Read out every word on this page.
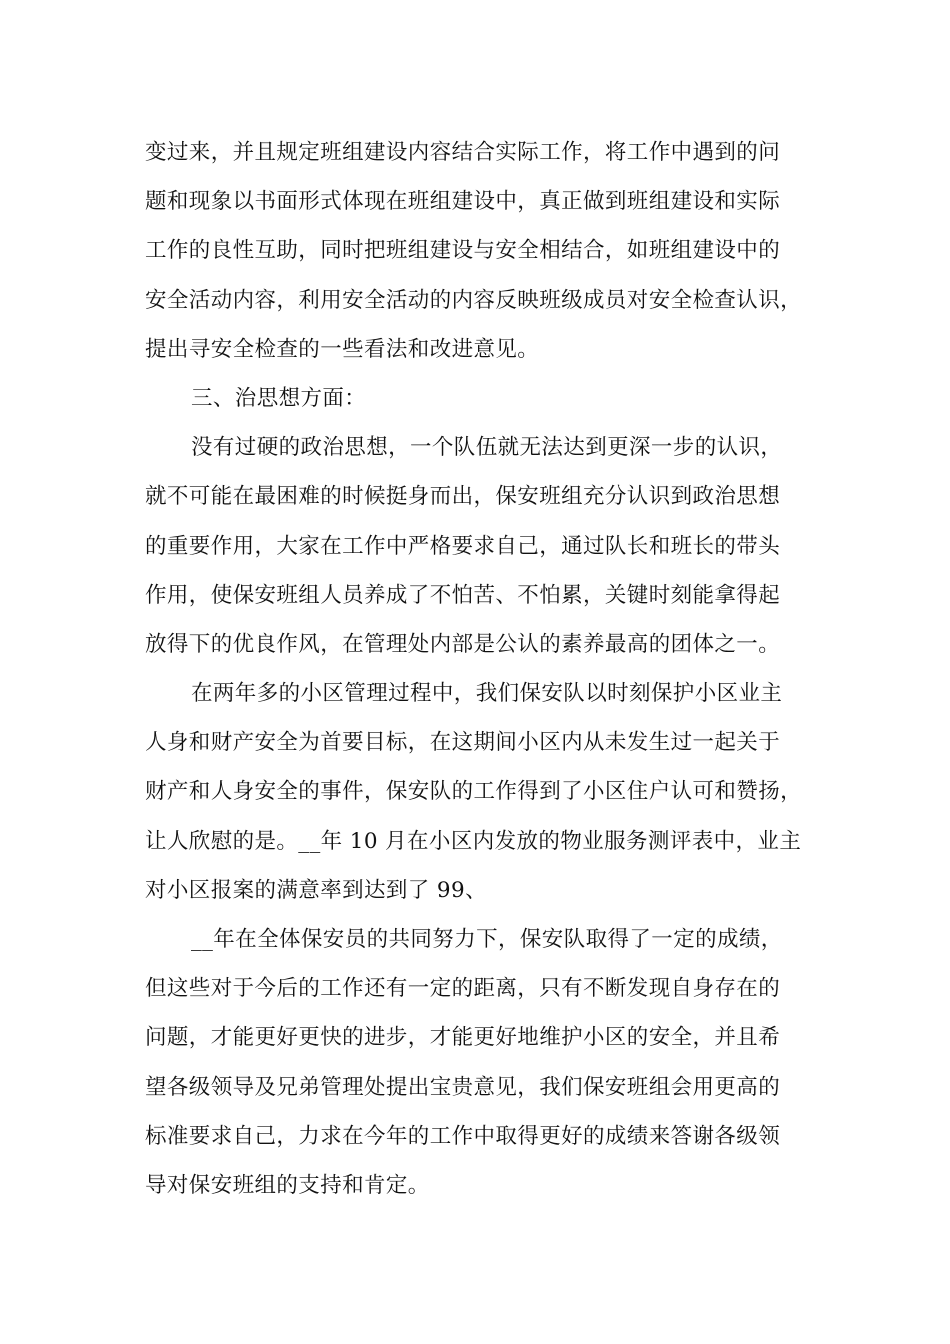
变过来，并且规定班组建设内容结合实际工作，将工作中遇到的问
题和现象以书面形式体现在班组建设中，真正做到班组建设和实际
工作的良性互助，同时把班组建设与安全相结合，如班组建设中的
安全活动内容，利用安全活动的内容反映班级成员对安全检查认识，
提出寻安全检查的一些看法和改进意见。
三、治思想方面：
没有过硬的政治思想，一个队伍就无法达到更深一步的认识，
就不可能在最困难的时候挺身而出，保安班组充分认识到政治思想
的重要作用，大家在工作中严格要求自己，通过队长和班长的带头
作用，使保安班组人员养成了不怕苦、不怕累，关键时刻能拿得起
放得下的优良作风，在管理处内部是公认的素养最高的团体之一。
在两年多的小区管理过程中，我们保安队以时刻保护小区业主
人身和财产安全为首要目标，在这期间小区内从未发生过一起关于
财产和人身安全的事件，保安队的工作得到了小区住户认可和赞扬，
让人欣慰的是。__年 10 月在小区内发放的物业服务测评表中，业主
对小区报案的满意率到达到了 99、
__年在全体保安员的共同努力下，保安队取得了一定的成绩，
但这些对于今后的工作还有一定的距离，只有不断发现自身存在的
问题，才能更好更快的进步，才能更好地维护小区的安全，并且希
望各级领导及兄弟管理处提出宝贵意见，我们保安班组会用更高的
标准要求自己，力求在今年的工作中取得更好的成绩来答谢各级领
导对保安班组的支持和肯定。
